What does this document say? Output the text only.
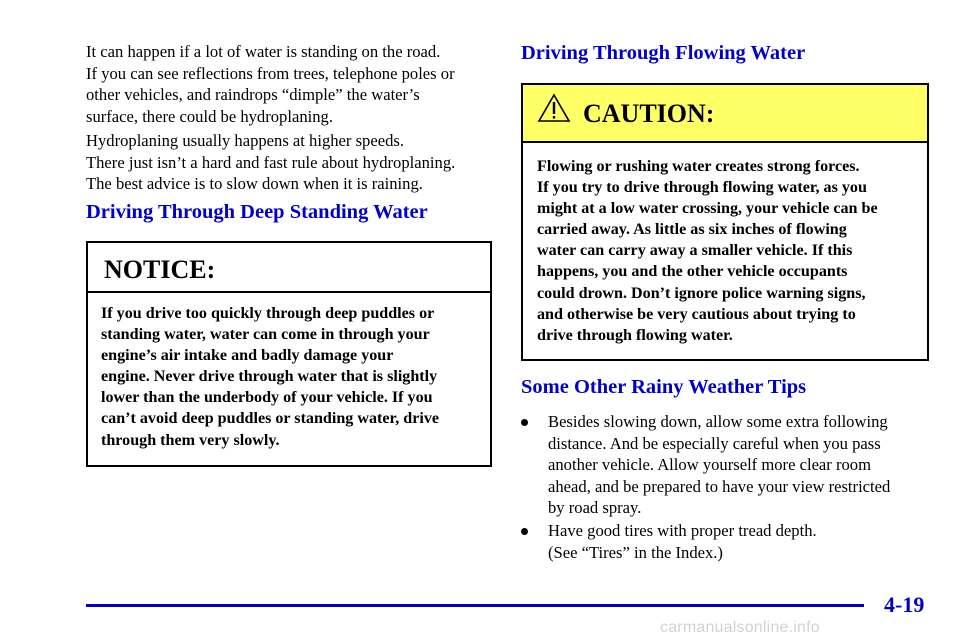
It can happen if a lot of water is standing on the road.
If you can see reflections from trees, telephone poles or
other vehicles, and raindrops “dimple” the water’s
surface, there could be hydroplaning.

Hydroplaning usually happens at higher speeds.
There just isn’t a hard and fast rule about hydroplaning.
The best advice is to slow down when it is raining.

Driving Through Deep Standing Water
NOTICE:
If you drive too quickly through deep puddles or
standing water, water can come in through your
engine’s air intake and badly damage your
engine. Never drive through water that is slightly
lower than the underbody of your vehicle. If you
can’t avoid deep puddles or standing water, drive
through them very slowly.
Driving Through Flowing Water
CAUTION:
Flowing or rushing water creates strong forces.
If you try to drive through flowing water, as you
might at a low water crossing, your vehicle can be
carried away. As little as six inches of flowing
water can carry away a smaller vehicle. If this
happens, you and the other vehicle occupants
could drown. Don’t ignore police warning signs,
and otherwise be very cautious about trying to
drive through flowing water.
Some Other Rainy Weather Tips

Besides slowing down, allow some extra following
distance. And be especially careful when you pass
another vehicle. Allow yourself more clear room
ahead, and be prepared to have your view restricted
by road spray.

Have good tires with proper tread depth.
(See “Tires” in the Index.)

4-19
carmanualsonline.info
